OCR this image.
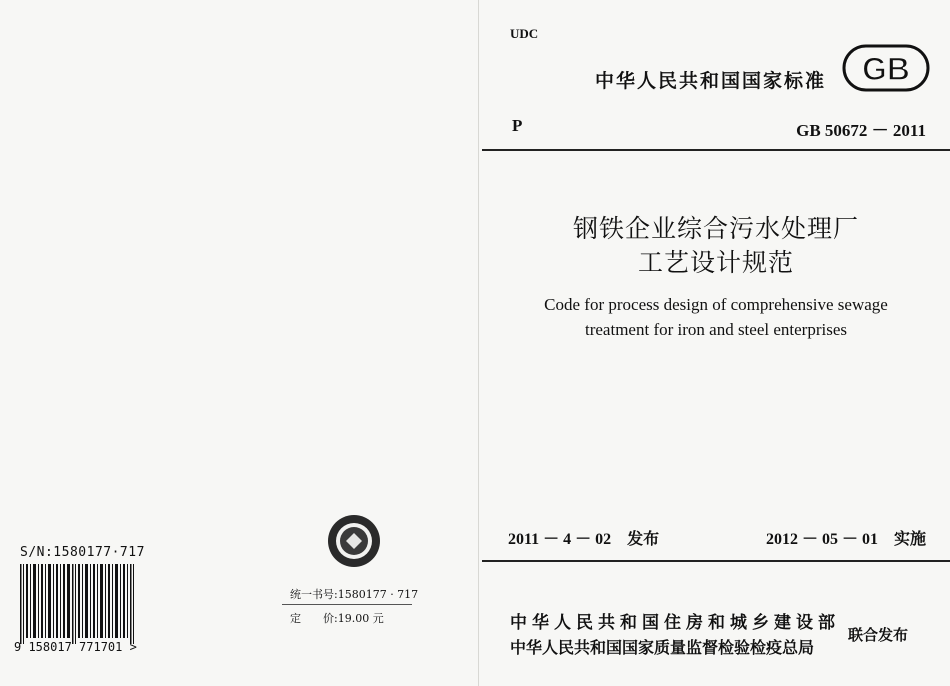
S/N:1580177·717
9 158017 771701 >
统一书号:1580177 · 717
定　　价:19.00 元
UDC
中华人民共和国国家标准 GB
P	GB 50672 － 2011
钢铁企业综合污水处理厂
工艺设计规范
Code for process design of comprehensive sewage
treatment for iron and steel enterprises
2011 － 4 － 02　发布	2012 － 05 － 01　实施
中华人民共和国住房和城乡建设部
中华人民共和国国家质量监督检验检疫总局
联合发布
